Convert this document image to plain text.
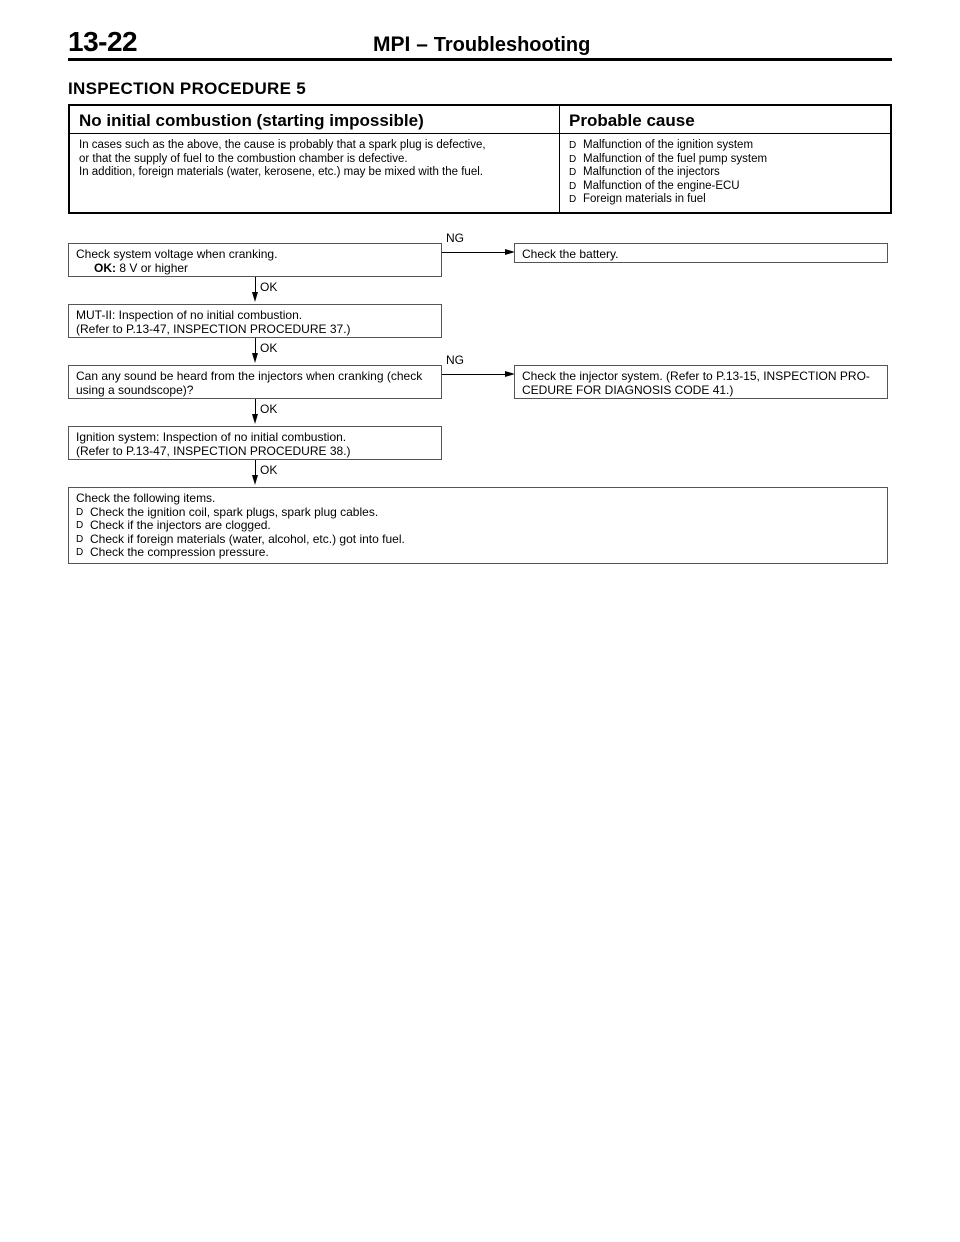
13-22	MPI – Troubleshooting
INSPECTION PROCEDURE 5
No initial combustion (starting impossible)
In cases such as the above, the cause is probably that a spark plug is defective,
or that the supply of fuel to the combustion chamber is defective.
In addition, foreign materials (water, kerosene, etc.) may be mixed with the fuel.
Probable cause
D Malfunction of the ignition system
D Malfunction of the fuel pump system
D Malfunction of the injectors
D Malfunction of the engine-ECU
D Foreign materials in fuel
Check system voltage when cranking.
OK: 8 V or higher
NG
Check the battery.
OK
MUT-II: Inspection of no initial combustion.
(Refer to P.13-47, INSPECTION PROCEDURE 37.)
OK
Can any sound be heard from the injectors when cranking (check
using a soundscope)?
NG
Check the injector system. (Refer to P.13-15, INSPECTION PRO-
CEDURE FOR DIAGNOSIS CODE 41.)
OK
Ignition system: Inspection of no initial combustion.
(Refer to P.13-47, INSPECTION PROCEDURE 38.)
OK
Check the following items.
D Check the ignition coil, spark plugs, spark plug cables.
D Check if the injectors are clogged.
D Check if foreign materials (water, alcohol, etc.) got into fuel.
D Check the compression pressure.
